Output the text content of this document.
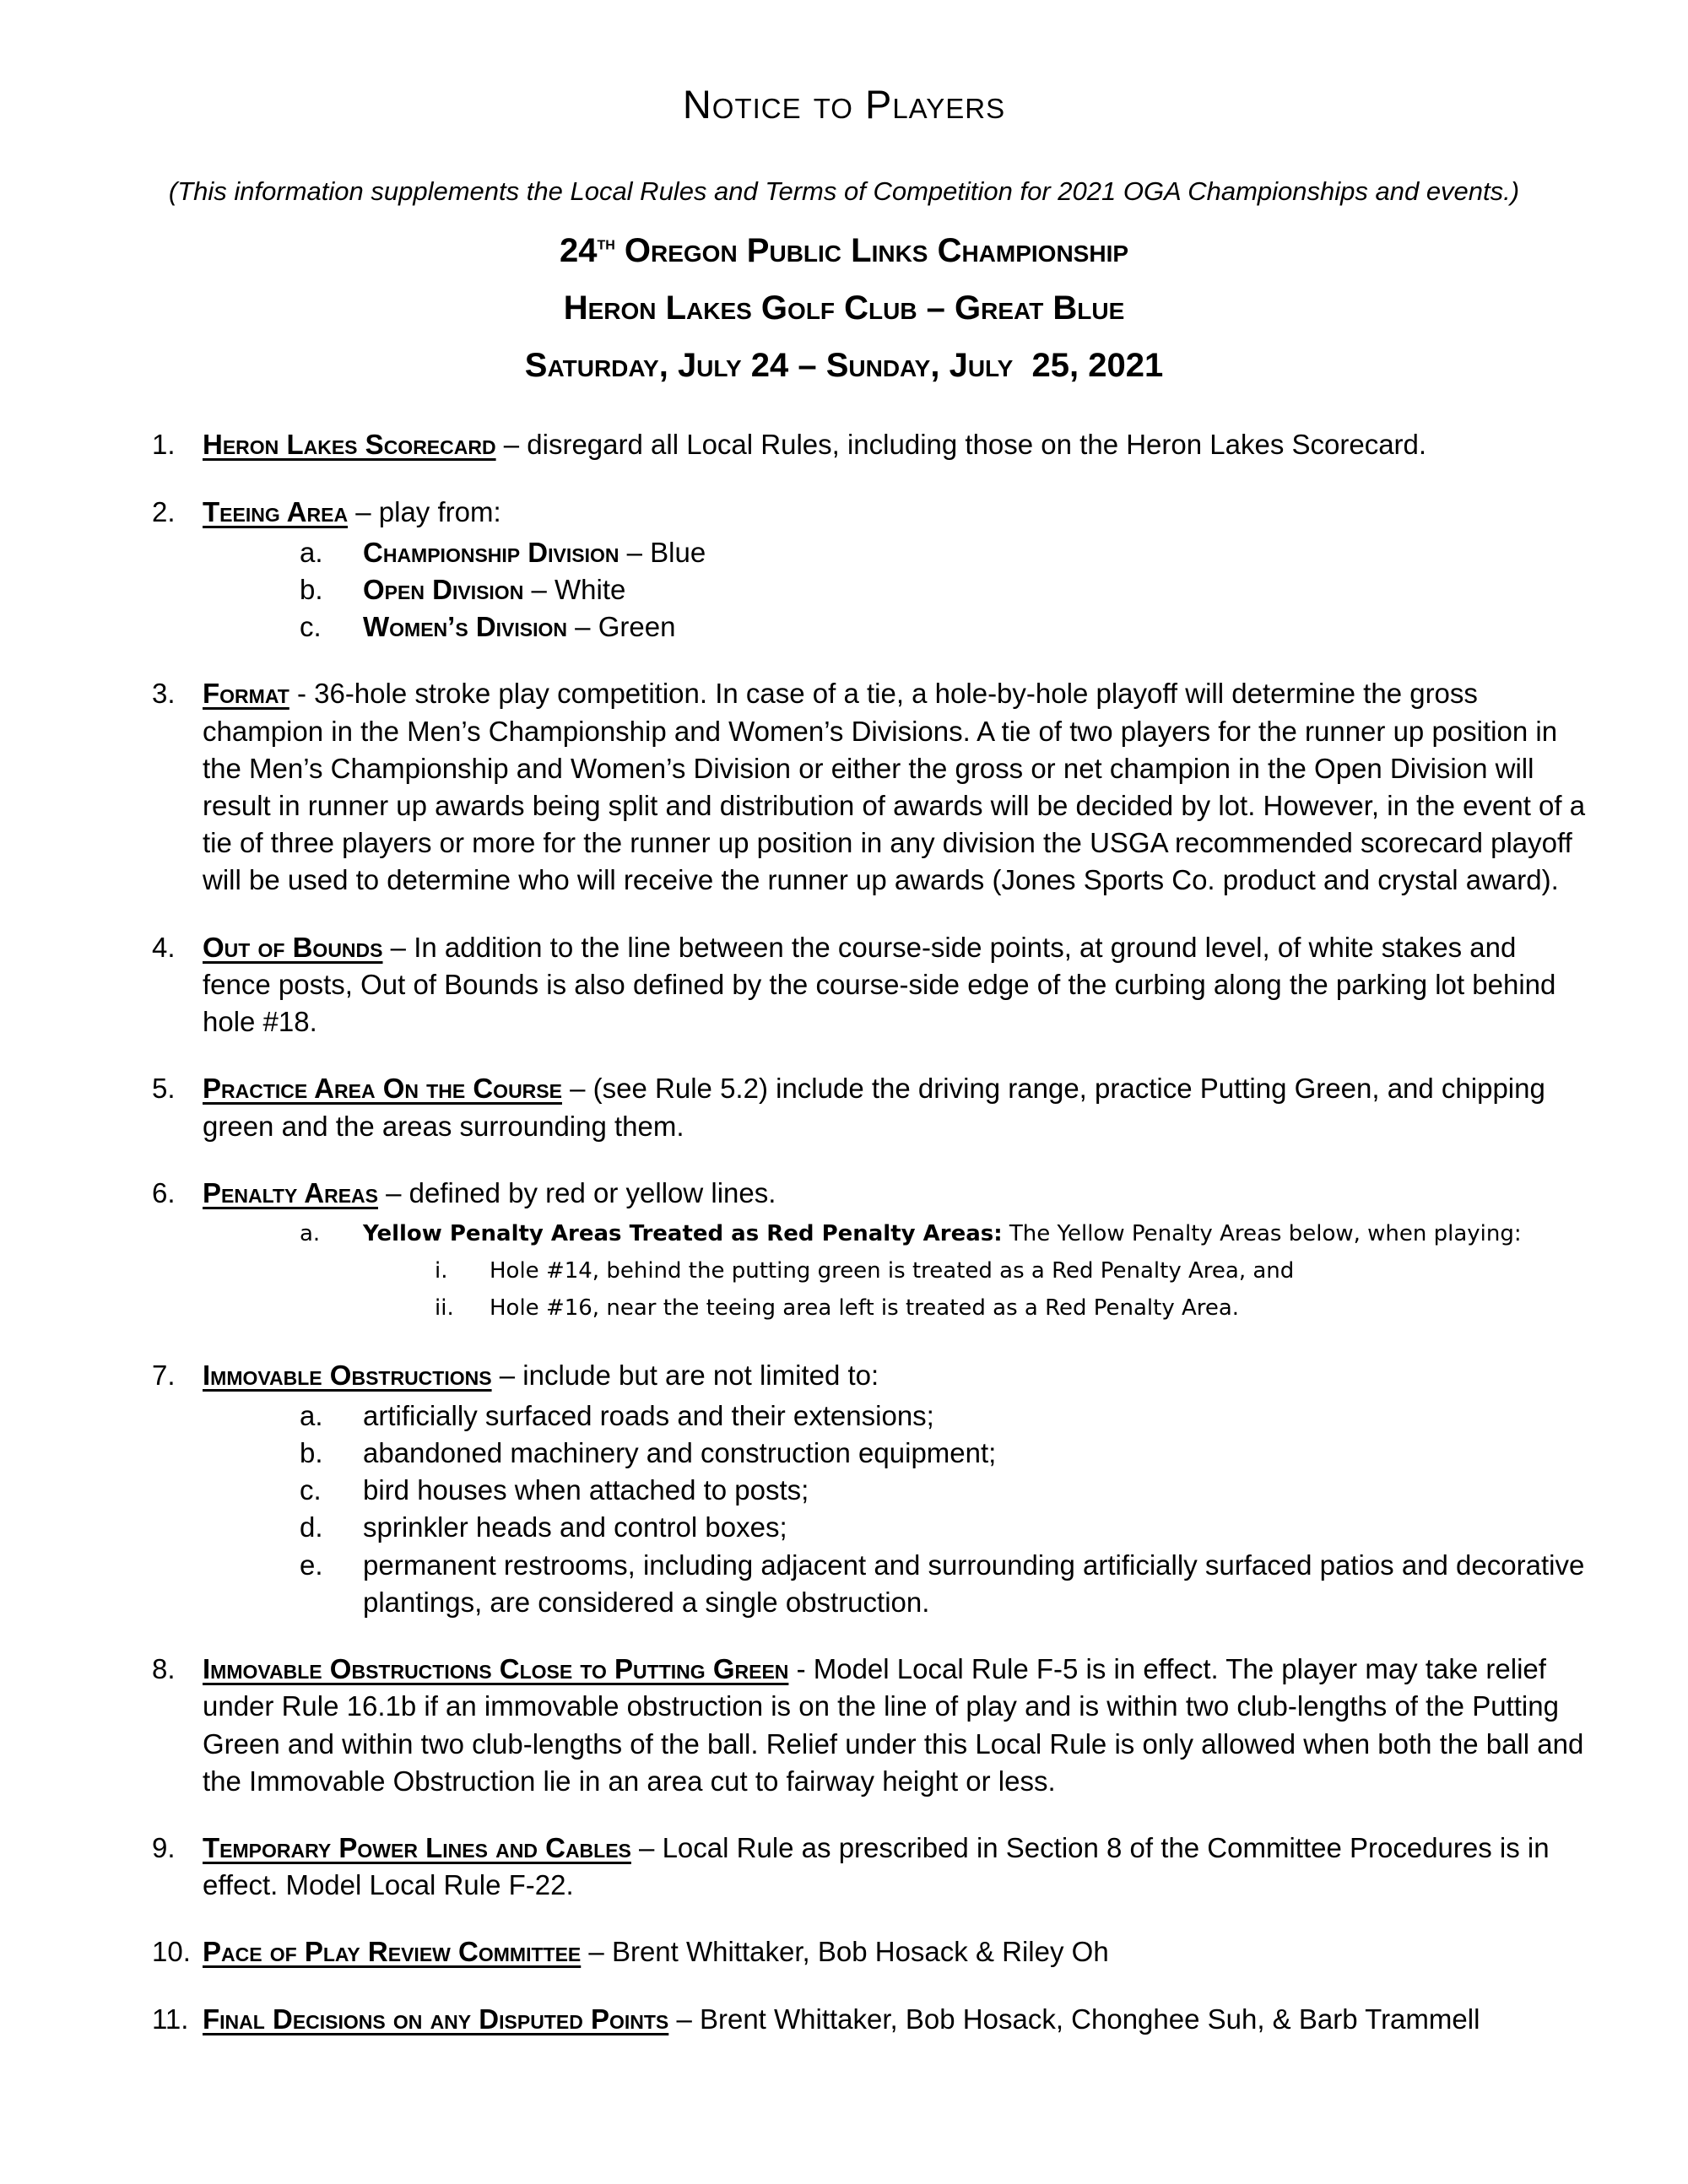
Notice to Players
(This information supplements the Local Rules and Terms of Competition for 2021 OGA Championships and events.)
24th Oregon Public Links Championship
Heron Lakes Golf Club – Great Blue
Saturday, July 24 – Sunday, July  25, 2021
1. Heron Lakes Scorecard – disregard all Local Rules, including those on the Heron Lakes Scorecard.
2. Teeing Area – play from:
a.	Championship Division – Blue
b.	Open Division – White
c.	Women’s Division – Green
3. Format - 36-hole stroke play competition. In case of a tie, a hole-by-hole playoff will determine the gross champion in the Men’s Championship and Women’s Divisions. A tie of two players for the runner up position in the Men’s Championship and Women’s Division or either the gross or net champion in the Open Division will result in runner up awards being split and distribution of awards will be decided by lot. However, in the event of a tie of three players or more for the runner up position in any division the USGA recommended scorecard playoff will be used to determine who will receive the runner up awards (Jones Sports Co. product and crystal award).
4. Out of Bounds – In addition to the line between the course-side points, at ground level, of white stakes and fence posts, Out of Bounds is also defined by the course-side edge of the curbing along the parking lot behind hole #18.
5. Practice Area On the Course – (see Rule 5.2) include the driving range, practice Putting Green, and chipping green and the areas surrounding them.
6. Penalty Areas – defined by red or yellow lines.
a.	Yellow Penalty Areas Treated as Red Penalty Areas: The Yellow Penalty Areas below, when playing:
i.	Hole #14, behind the putting green is treated as a Red Penalty Area, and
ii.	Hole #16, near the teeing area left is treated as a Red Penalty Area.
7. Immovable Obstructions – include but are not limited to:
a.	artificially surfaced roads and their extensions;
b.	abandoned machinery and construction equipment;
c.	bird houses when attached to posts;
d.	sprinkler heads and control boxes;
e.	permanent restrooms, including adjacent and surrounding artificially surfaced patios and decorative plantings, are considered a single obstruction.
8. Immovable Obstructions Close to Putting Green - Model Local Rule F-5 is in effect. The player may take relief under Rule 16.1b if an immovable obstruction is on the line of play and is within two club-lengths of the Putting Green and within two club-lengths of the ball. Relief under this Local Rule is only allowed when both the ball and the Immovable Obstruction lie in an area cut to fairway height or less.
9. Temporary Power Lines and Cables – Local Rule as prescribed in Section 8 of the Committee Procedures is in effect. Model Local Rule F-22.
10. Pace of Play Review Committee – Brent Whittaker, Bob Hosack & Riley Oh
11. Final Decisions on any Disputed Points – Brent Whittaker, Bob Hosack, Chonghee Suh, & Barb Trammell
